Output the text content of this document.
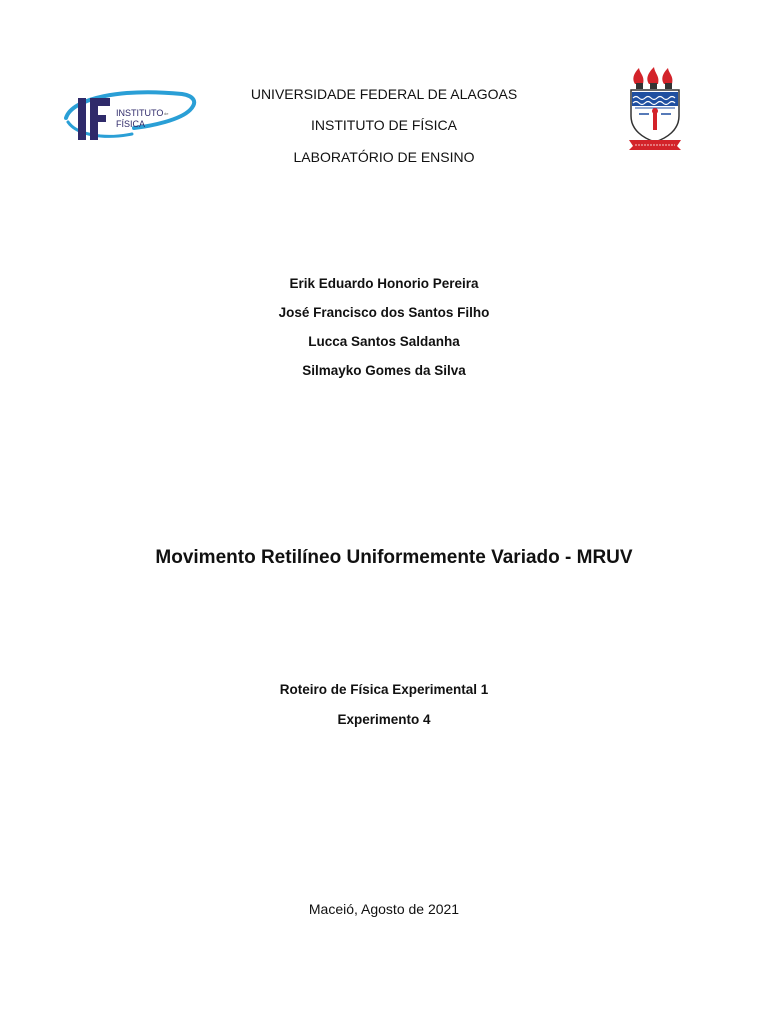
INSTITUTO de
FÍSICA
UNIVERSIDADE FEDERAL DE ALAGOAS
INSTITUTO DE FÍSICA
LABORATÓRIO DE ENSINO
Erik Eduardo Honorio Pereira
José Francisco dos Santos Filho
Lucca Santos Saldanha
Silmayko Gomes da Silva
Movimento Retilíneo Uniformemente Variado - MRUV
Roteiro de Física Experimental 1
Experimento 4
Maceió, Agosto de 2021
